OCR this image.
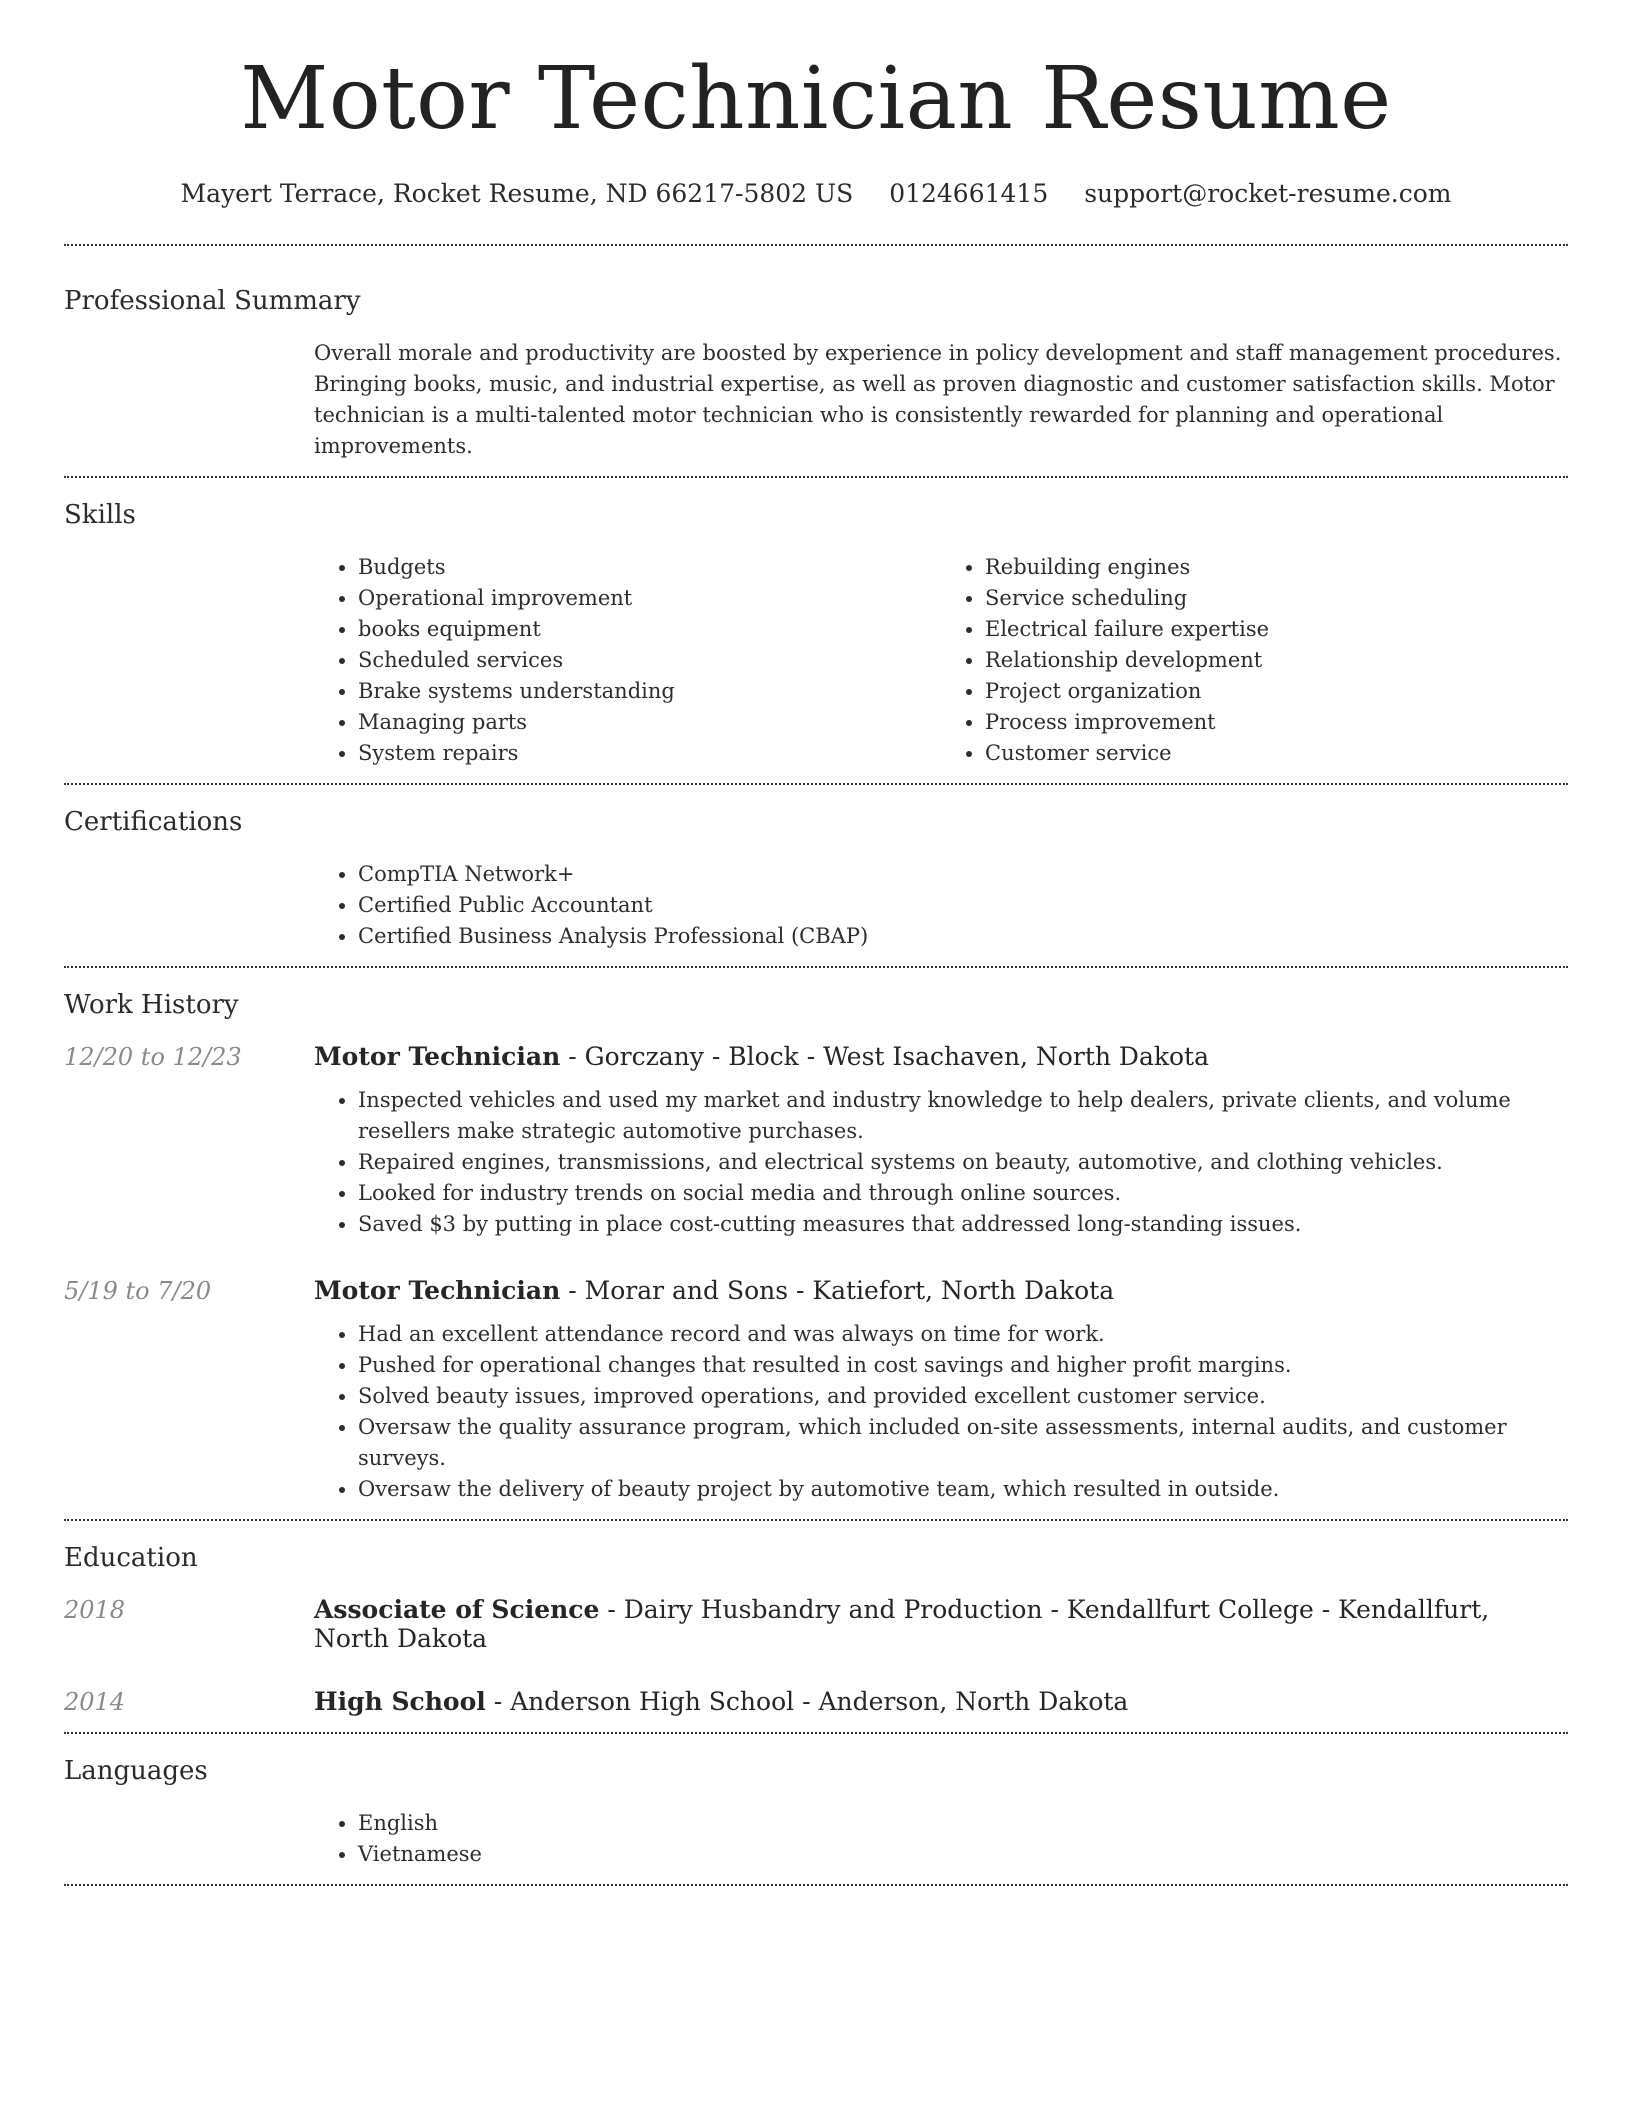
Motor Technician Resume
Mayert Terrace, Rocket Resume, ND 66217-5802 US 0124661415 support@rocket-resume.com
Professional Summary

Overall morale and productivity are boosted by experience in policy development and staff management procedures. Bringing books, music, and industrial expertise, as well as proven diagnostic and customer satisfaction skills. Motor technician is a multi-talented motor technician who is consistently rewarded for planning and operational improvements.

Skills
• Budgets
• Operational improvement
• books equipment
• Scheduled services
• Brake systems understanding
• Managing parts
• System repairs
• Rebuilding engines
• Service scheduling
• Electrical failure expertise
• Relationship development
• Project organization
• Process improvement
• Customer service
Certifications
• CompTIA Network+
• Certified Public Accountant
• Certified Business Analysis Professional (CBAP)
Work History
12/20 to 12/23	Motor Technician - Gorczany - Block - West Isachaven, North Dakota
• Inspected vehicles and used my market and industry knowledge to help dealers, private clients, and volume resellers make strategic automotive purchases.
• Repaired engines, transmissions, and electrical systems on beauty, automotive, and clothing vehicles.
• Looked for industry trends on social media and through online sources.
• Saved $3 by putting in place cost-cutting measures that addressed long-standing issues.
5/19 to 7/20	Motor Technician - Morar and Sons - Katiefort, North Dakota
• Had an excellent attendance record and was always on time for work.
• Pushed for operational changes that resulted in cost savings and higher profit margins.
• Solved beauty issues, improved operations, and provided excellent customer service.
• Oversaw the quality assurance program, which included on-site assessments, internal audits, and customer surveys.
• Oversaw the delivery of beauty project by automotive team, which resulted in outside.
Education
2018	Associate of Science - Dairy Husbandry and Production - Kendallfurt College - Kendallfurt, North Dakota
2014	High School - Anderson High School - Anderson, North Dakota
Languages
• English
• Vietnamese
